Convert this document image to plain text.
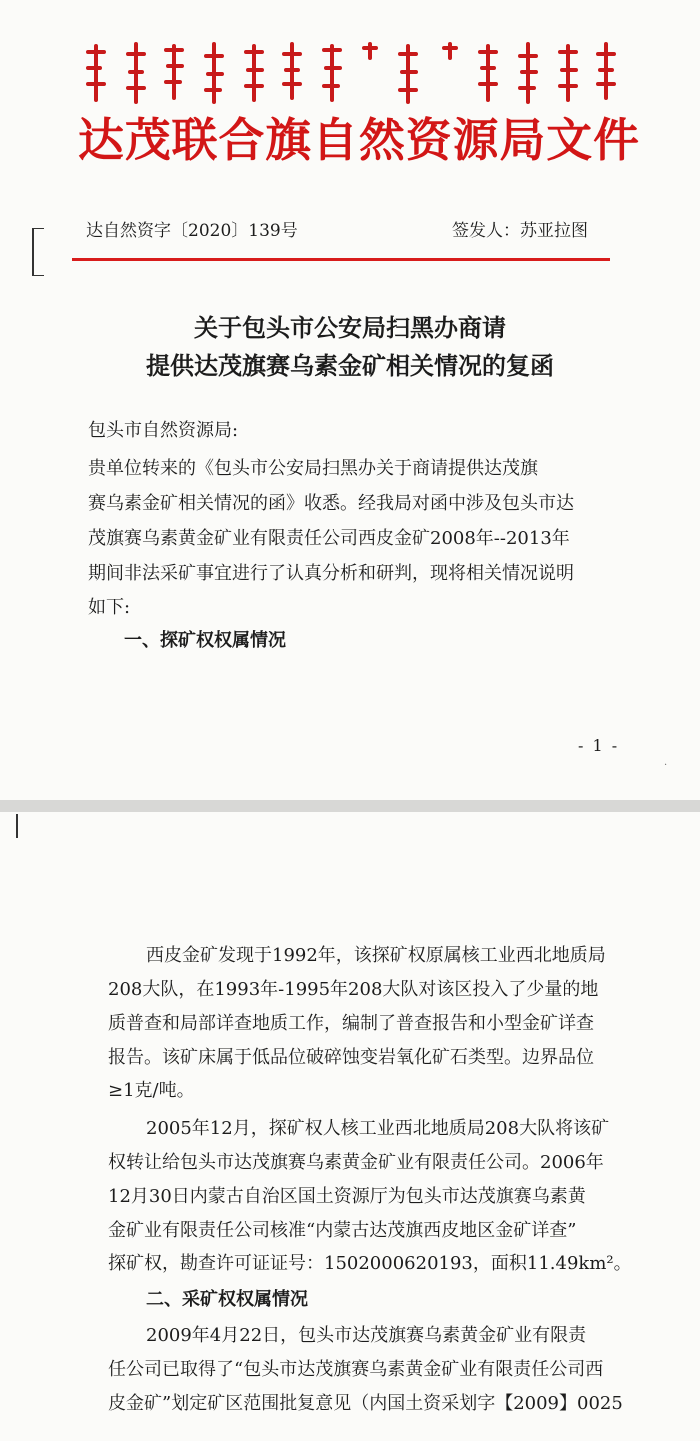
达茂联合旗自然资源局文件
达自然资字〔2020〕139号	签发人：苏亚拉图
关于包头市公安局扫黑办商请
提供达茂旗赛乌素金矿相关情况的复函
包头市自然资源局:
贵单位转来的《包头市公安局扫黑办关于商请提供达茂旗
赛乌素金矿相关情况的函》收悉。经我局对函中涉及包头市达
茂旗赛乌素黄金矿业有限责任公司西皮金矿2008年--2013年
期间非法采矿事宜进行了认真分析和研判，现将相关情况说明
如下:
一、探矿权权属情况
- 1 -
·
西皮金矿发现于1992年，该探矿权原属核工业西北地质局
208大队，在1993年-1995年208大队对该区投入了少量的地
质普查和局部详查地质工作，编制了普查报告和小型金矿详查
报告。该矿床属于低品位破碎蚀变岩氧化矿石类型。边界品位
≥1克/吨。
2005年12月，探矿权人核工业西北地质局208大队将该矿
权转让给包头市达茂旗赛乌素黄金矿业有限责任公司。2006年
12月30日内蒙古自治区国土资源厅为包头市达茂旗赛乌素黄
金矿业有限责任公司核准“内蒙古达茂旗西皮地区金矿详查”
探矿权，勘查许可证证号：1502000620193，面积11.49km²。
二、采矿权权属情况
2009年4月22日，包头市达茂旗赛乌素黄金矿业有限责
任公司已取得了“包头市达茂旗赛乌素黄金矿业有限责任公司西
皮金矿”划定矿区范围批复意见（内国土资采划字【2009】0025
